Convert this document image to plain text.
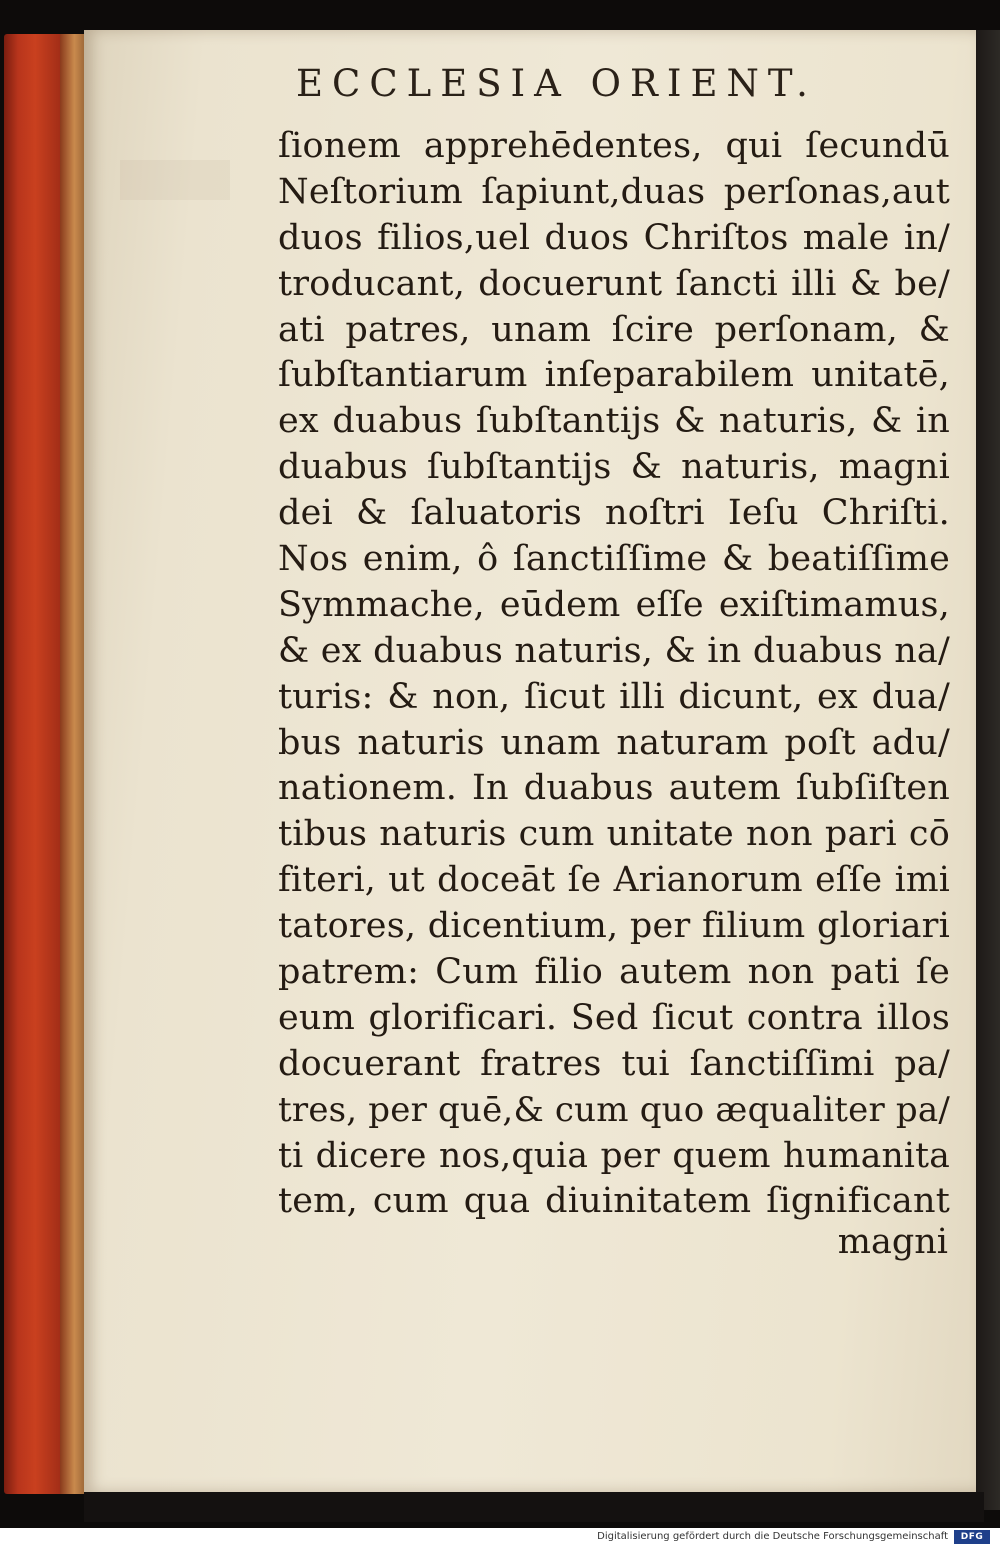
ECCLESIA ORIENT.
ſionem apprehēdentes, qui ſecundū
Neſtorium ſapiunt,duas perſonas,aut
duos filios,uel duos Chriſtos male in/
troducant, docuerunt ſancti illi & be/
ati patres, unam ſcire perſonam, &
ſubſtantiarum inſeparabilem unitatē,
ex duabus ſubſtantijs & naturis, & in
duabus ſubſtantijs & naturis, magni
dei & ſaluatoris noſtri Ieſu Chriſti.
Nos enim, ô ſanctiſſime & beatiſſime
Symmache, eūdem eſſe exiſtimamus,
& ex duabus naturis, & in duabus na/
turis: & non, ſicut illi dicunt, ex dua/
bus naturis unam naturam poſt adu/
nationem. In duabus autem ſubſiſten
tibus naturis cum unitate non pari cō
fiteri, ut doceāt ſe Arianorum eſſe imi
tatores, dicentium, per filium gloriari
patrem: Cum filio autem non pati ſe
eum glorificari. Sed ſicut contra illos
docuerant fratres tui ſanctiſſimi pa/
tres, per quē,& cum quo æqualiter pa/
ti dicere nos,quia per quem humanita
tem, cum qua diuinitatem ſignificant
magni
Digitalisierung gefördert durch die Deutsche Forschungsgemeinschaft	DFG
